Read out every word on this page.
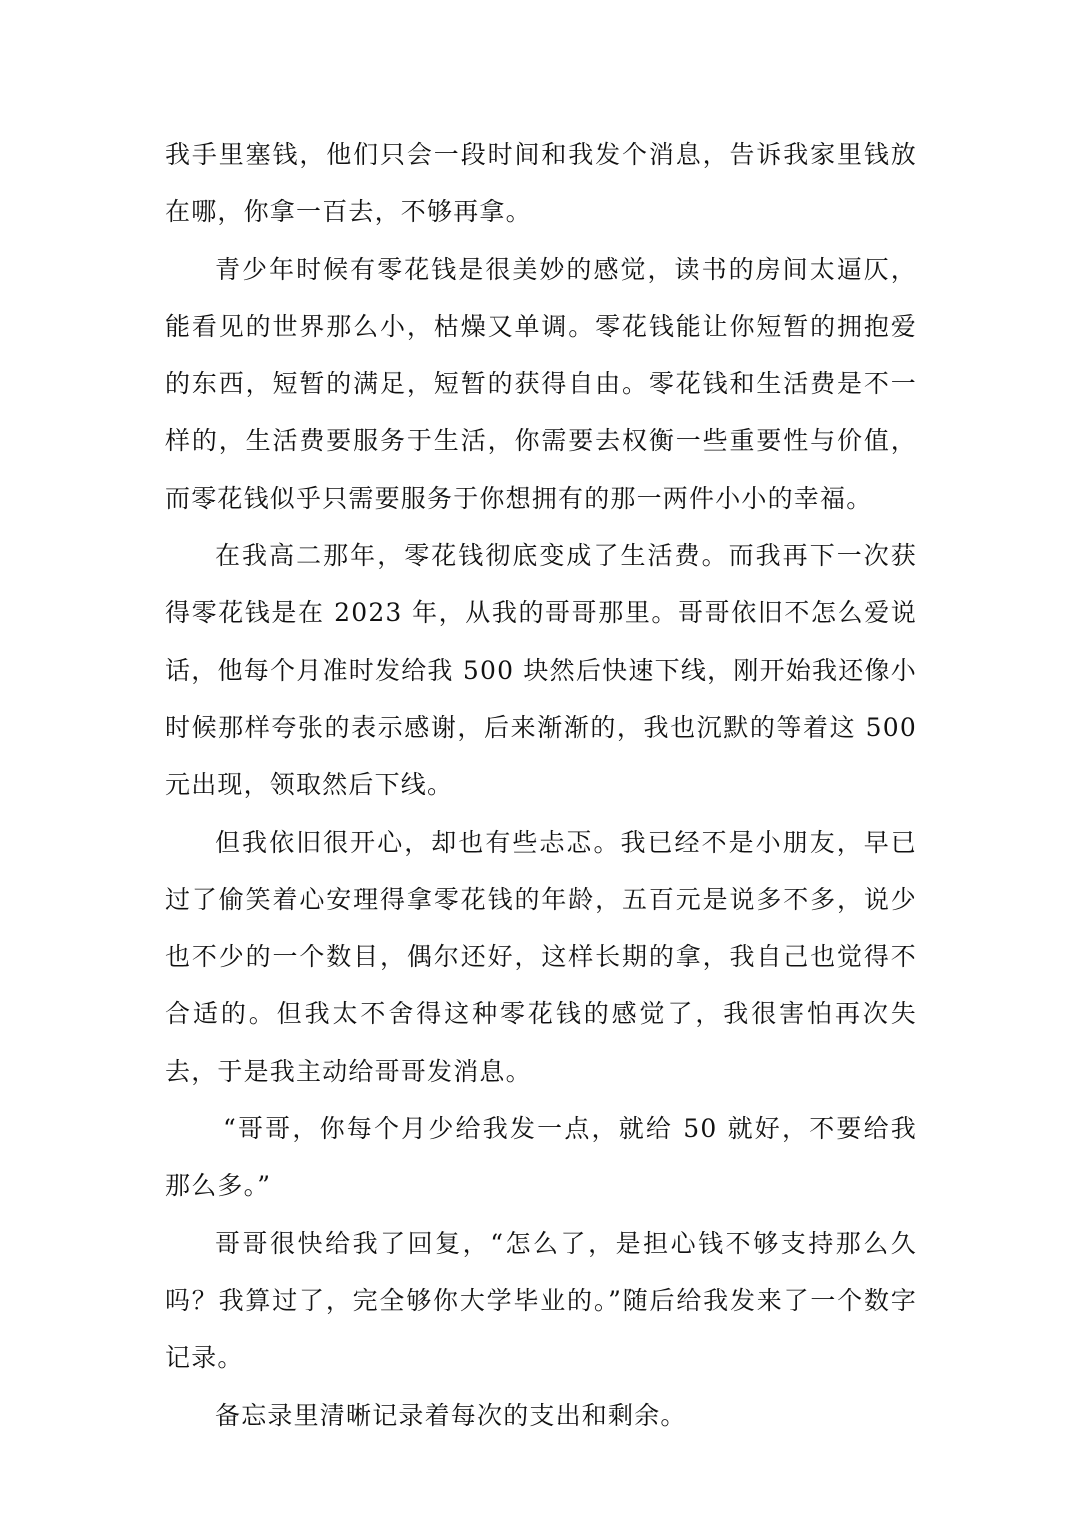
我手里塞钱，他们只会一段时间和我发个消息，告诉我家里钱放在哪，你拿一百去，不够再拿。

青少年时候有零花钱是很美妙的感觉，读书的房间太逼仄，能看见的世界那么小，枯燥又单调。零花钱能让你短暂的拥抱爱的东西，短暂的满足，短暂的获得自由。零花钱和生活费是不一样的，生活费要服务于生活，你需要去权衡一些重要性与价值，而零花钱似乎只需要服务于你想拥有的那一两件小小的幸福。

在我高二那年，零花钱彻底变成了生活费。而我再下一次获得零花钱是在 2023 年，从我的哥哥那里。哥哥依旧不怎么爱说话，他每个月准时发给我 500 块然后快速下线，刚开始我还像小时候那样夸张的表示感谢，后来渐渐的，我也沉默的等着这 500 元出现，领取然后下线。

但我依旧很开心，却也有些忐忑。我已经不是小朋友，早已过了偷笑着心安理得拿零花钱的年龄，五百元是说多不多，说少也不少的一个数目，偶尔还好，这样长期的拿，我自己也觉得不合适的。但我太不舍得这种零花钱的感觉了，我很害怕再次失去，于是我主动给哥哥发消息。

“哥哥，你每个月少给我发一点，就给 50 就好，不要给我那么多。”

哥哥很快给我了回复，“怎么了，是担心钱不够支持那么久吗？我算过了，完全够你大学毕业的。”随后给我发来了一个数字记录。

备忘录里清晰记录着每次的支出和剩余。
